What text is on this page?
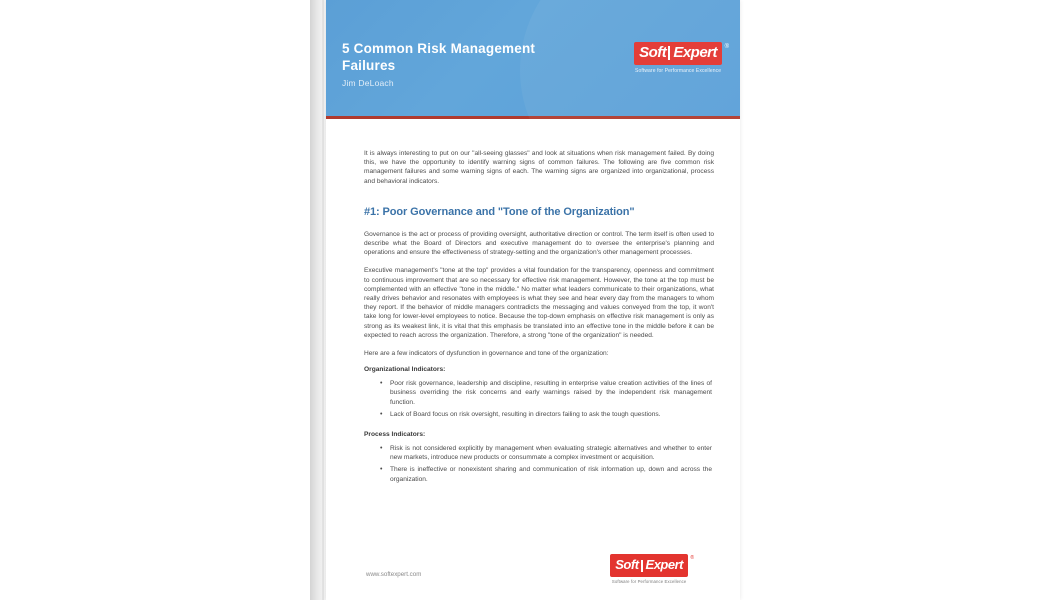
5 Common Risk Management Failures
Jim DeLoach
Soft Expert ®
Software for Performance Excellence

It is always interesting to put on our "all-seeing glasses" and look at situations when risk management failed. By doing this, we have the opportunity to identify warning signs of common failures. The following are five common risk management failures and some warning signs of each. The warning signs are organized into organizational, process and behavioral indicators.

#1: Poor Governance and "Tone of the Organization"

Governance is the act or process of providing oversight, authoritative direction or control. The term itself is often used to describe what the Board of Directors and executive management do to oversee the enterprise's planning and operations and ensure the effectiveness of strategy-setting and the organization's other management processes.

Executive management's "tone at the top" provides a vital foundation for the transparency, openness and commitment to continuous improvement that are so necessary for effective risk management. However, the tone at the top must be complemented with an effective "tone in the middle." No matter what leaders communicate to their organizations, what really drives behavior and resonates with employees is what they see and hear every day from the managers to whom they report. If the behavior of middle managers contradicts the messaging and values conveyed from the top, it won't take long for lower-level employees to notice. Because the top-down emphasis on effective risk management is only as strong as its weakest link, it is vital that this emphasis be translated into an effective tone in the middle before it can be expected to reach across the organization. Therefore, a strong "tone of the organization" is needed.

Here are a few indicators of dysfunction in governance and tone of the organization:

Organizational Indicators:
• Poor risk governance, leadership and discipline, resulting in enterprise value creation activities of the lines of business overriding the risk concerns and early warnings raised by the independent risk management function.
• Lack of Board focus on risk oversight, resulting in directors failing to ask the tough questions.
Process Indicators:
• Risk is not considered explicitly by management when evaluating strategic alternatives and whether to enter new markets, introduce new products or consummate a complex investment or acquisition.
• There is ineffective or nonexistent sharing and communication of risk information up, down and across the organization.
www.softexpert.com
Soft Expert ®
Software for Performance Excellence
